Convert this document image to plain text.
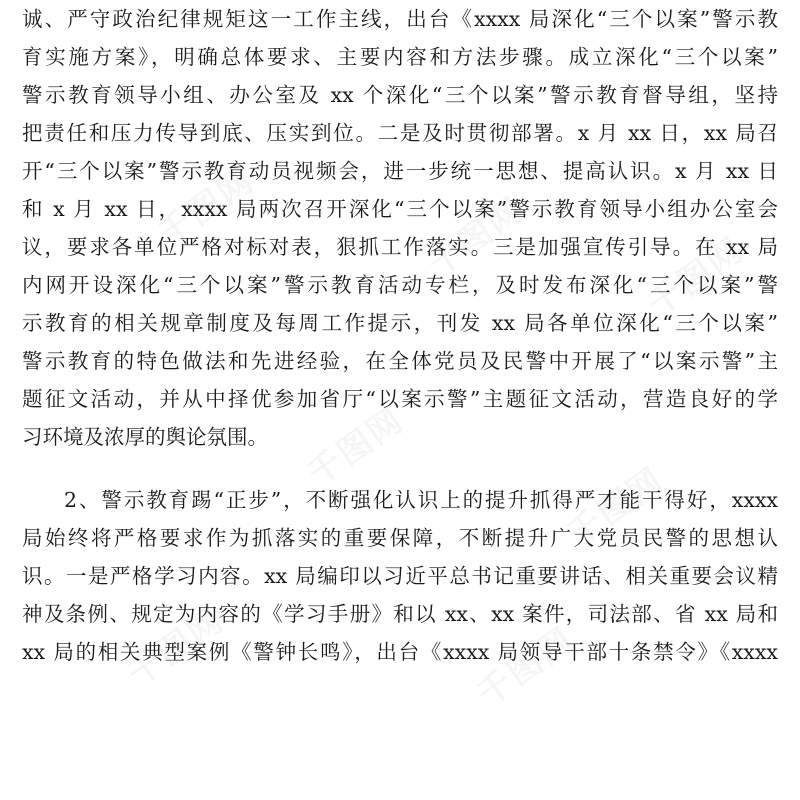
千图网	千图网	千图网
千图网
千图网
千图网	千图网
诚、严守政治纪律规矩这一工作主线，出台《xxxx 局深化“三个以案”警示教
育实施方案》，明确总体要求、主要内容和方法步骤。成立深化“三个以案”
警示教育领导小组、办公室及 xx 个深化“三个以案”警示教育督导组，坚持
把责任和压力传导到底、压实到位。二是及时贯彻部署。x 月 xx 日，xx 局召
开“三个以案”警示教育动员视频会，进一步统一思想、提高认识。x 月 xx 日
和 x 月 xx 日，xxxx 局两次召开深化“三个以案”警示教育领导小组办公室会
议，要求各单位严格对标对表，狠抓工作落实。三是加强宣传引导。在 xx 局
内网开设深化“三个以案”警示教育活动专栏，及时发布深化“三个以案”警
示教育的相关规章制度及每周工作提示，刊发 xx 局各单位深化“三个以案”
警示教育的特色做法和先进经验，在全体党员及民警中开展了“以案示警”主
题征文活动，并从中择优参加省厅“以案示警”主题征文活动，营造良好的学
习环境及浓厚的舆论氛围。
2、警示教育踢“正步”，不断强化认识上的提升抓得严才能干得好，xxxx
局始终将严格要求作为抓落实的重要保障，不断提升广大党员民警的思想认
识。一是严格学习内容。xx 局编印以习近平总书记重要讲话、相关重要会议精
神及条例、规定为内容的《学习手册》和以 xx、xx 案件，司法部、省 xx 局和
xx 局的相关典型案例《警钟长鸣》，出台《xxxx 局领导干部十条禁令》《xxxx
